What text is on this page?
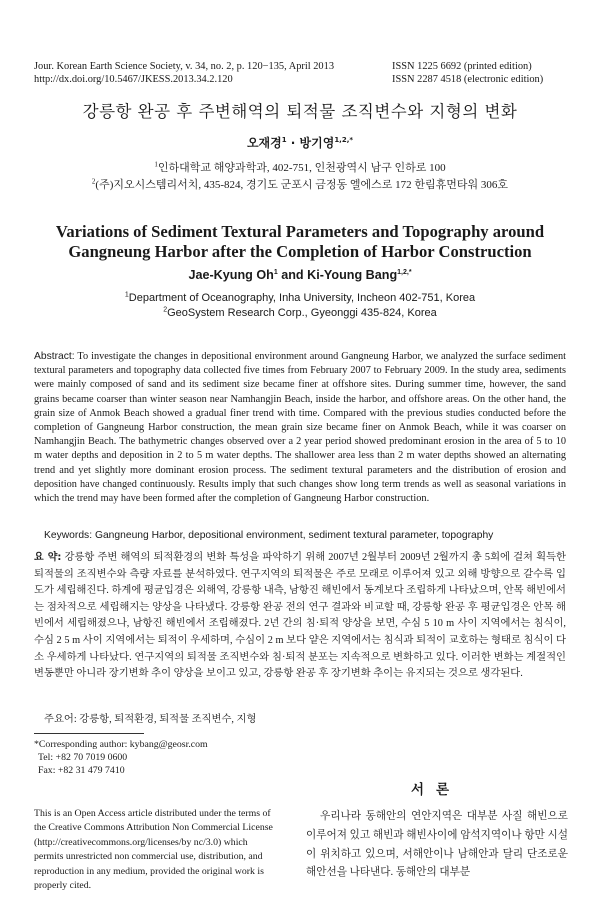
Jour. Korean Earth Science Society, v. 34, no. 2, p. 120−135, April 2013
http://dx.doi.org/10.5467/JKESS.2013.34.2.120
ISSN 1225 6692 (printed edition)
ISSN 2287 4518 (electronic edition)
강릉항 완공 후 주변해역의 퇴적물 조직변수와 지형의 변화
오재경$^1$ · 방기영$^{1,2,*}$
$^1$인하대학교 해양과학과, 402-751, 인천광역시 남구 인하로 100
$^2$(주)지오시스템리서치, 435-824, 경기도 군포시 금정동 엘에스로 172 한림휴먼타워 306호
Variations of Sediment Textural Parameters and Topography around Gangneung Harbor after the Completion of Harbor Construction
Jae-Kyung Oh$^1$ and Ki-Young Bang$^{1,2,*}$
$^1$Department of Oceanography, Inha University, Incheon 402-751, Korea
$^2$GeoSystem Research Corp., Gyeonggi 435-824, Korea
Abstract: To investigate the changes in depositional environment around Gangneung Harbor, we analyzed the surface sediment textural parameters and topography data collected five times from February 2007 to February 2009. In the study area, sediments were mainly composed of sand and its sediment size became finer at offshore sites. During summer time, however, the sand grains became coarser than winter season near Namhangjin Beach, inside the harbor, and offshore areas. On the other hand, the grain size of Anmok Beach showed a gradual finer trend with time. Compared with the previous studies conducted before the completion of Gangneung Harbor construction, the mean grain size became finer on Anmok Beach, while it was coarser on Namhangjin Beach. The bathymetric changes observed over a 2 year period showed predominant erosion in the area of 5 to 10 m water depths and deposition in 2 to 5 m water depths. The shallower area less than 2 m water depths showed an alternating trend and yet slightly more dominant erosion process. The sediment textural parameters and the distribution of erosion and deposition have changed continuously. Results imply that such changes show long term trends as well as seasonal variations in which the trend may have been formed after the completion of Gangneung Harbor construction.
Keywords: Gangneung Harbor, depositional environment, sediment textural parameter, topography
요 약: 강릉항 주변 해역의 퇴적환경의 변화 특성을 파악하기 위해 2007년 2월부터 2009년 2월까지 총 5회에 걸쳐 획득한 퇴적물의 조직변수와 측량 자료를 분석하였다. 연구지역의 퇴적물은 주로 모래로 이루어져 있고 외해 방향으로 갈수록 입도가 세립해진다. 하계에 평균입경은 외해역, 강릉항 내측, 남항진 해빈에서 동계보다 조립하게 나타났으며, 안목 해빈에서는 점차적으로 세립해지는 양상을 나타냈다. 강릉항 완공 전의 연구 결과와 비교할 때, 강릉항 완공 후 평균입경은 안목 해빈에서 세립해졌으나, 남항진 해빈에서 조립해졌다. 2년 간의 침·퇴적 양상을 보면, 수심 5 10 m 사이 지역에서는 침식이, 수심 2 5 m 사이 지역에서는 퇴적이 우세하며, 수심이 2 m 보다 얕은 지역에서는 침식과 퇴적이 교호하는 형태로 침식이 다소 우세하게 나타났다. 연구지역의 퇴적물 조직변수와 침·퇴적 분포는 지속적으로 변화하고 있다. 이러한 변화는 계절적인 변동뿐만 아니라 장기변화 추이 양상을 보이고 있고, 강릉항 완공 후 장기변화 추이는 유지되는 것으로 생각된다.
주요어: 강릉항, 퇴적환경, 퇴적물 조직변수, 지형
*Corresponding author: kybang@geosr.com
Tel: +82 70 7019 0600
Fax: +82 31 479 7410
This is an Open Access article distributed under the terms of the Creative Commons Attribution Non Commercial License (http://creativecommons.org/licenses/by nc/3.0) which permits unrestricted non commercial use, distribution, and reproduction in any medium, provided the original work is properly cited.
서론
우리나라 동해안의 연안지역은 대부분 사질 해빈으로 이루어져 있고 해빈과 해빈사이에 암석지역이나 항만 시설이 위치하고 있으며, 서해안이나 남해안과 달리 단조로운 해안선을 나타낸다. 동해안의 대부분
